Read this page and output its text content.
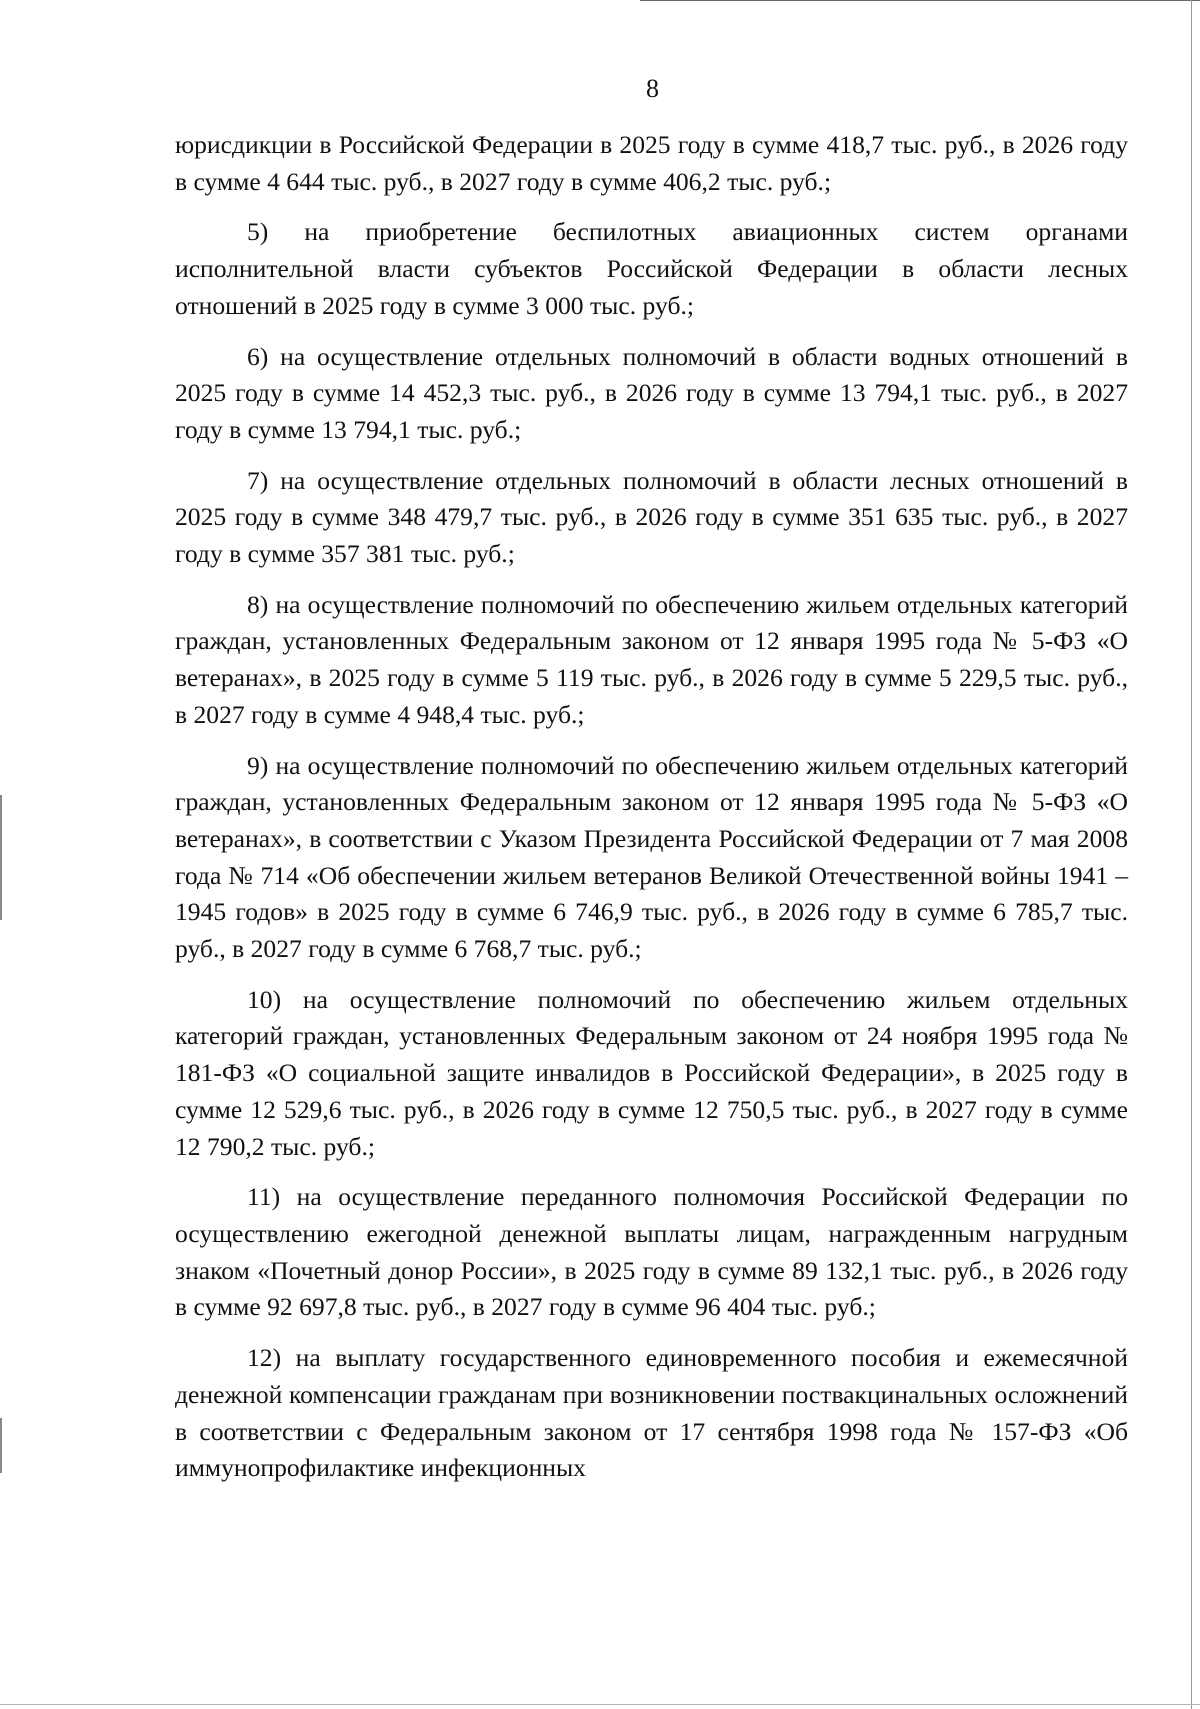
8

юрисдикции в Российской Федерации в 2025 году в сумме 418,7 тыс. руб., в 2026 году в сумме 4 644 тыс. руб., в 2027 году в сумме 406,2 тыс. руб.;

5) на приобретение беспилотных авиационных систем органами исполнительной власти субъектов Российской Федерации в области лесных отношений в 2025 году в сумме 3 000 тыс. руб.;

6) на осуществление отдельных полномочий в области водных отношений в 2025 году в сумме 14 452,3 тыс. руб., в 2026 году в сумме 13 794,1 тыс. руб., в 2027 году в сумме 13 794,1 тыс. руб.;

7) на осуществление отдельных полномочий в области лесных отношений в 2025 году в сумме 348 479,7 тыс. руб., в 2026 году в сумме 351 635 тыс. руб., в 2027 году в сумме 357 381 тыс. руб.;

8) на осуществление полномочий по обеспечению жильем отдельных категорий граждан, установленных Федеральным законом от 12 января 1995 года № 5-ФЗ «О ветеранах», в 2025 году в сумме 5 119 тыс. руб., в 2026 году в сумме 5 229,5 тыс. руб., в 2027 году в сумме 4 948,4 тыс. руб.;

9) на осуществление полномочий по обеспечению жильем отдельных категорий граждан, установленных Федеральным законом от 12 января 1995 года № 5-ФЗ «О ветеранах», в соответствии с Указом Президента Российской Федерации от 7 мая 2008 года № 714 «Об обеспечении жильем ветеранов Великой Отечественной войны 1941 – 1945 годов» в 2025 году в сумме 6 746,9 тыс. руб., в 2026 году в сумме 6 785,7 тыс. руб., в 2027 году в сумме 6 768,7 тыс. руб.;

10) на осуществление полномочий по обеспечению жильем отдельных категорий граждан, установленных Федеральным законом от 24 ноября 1995 года № 181-ФЗ «О социальной защите инвалидов в Российской Федерации», в 2025 году в сумме 12 529,6 тыс. руб., в 2026 году в сумме 12 750,5 тыс. руб., в 2027 году в сумме 12 790,2 тыс. руб.;

11) на осуществление переданного полномочия Российской Федерации по осуществлению ежегодной денежной выплаты лицам, награжденным нагрудным знаком «Почетный донор России», в 2025 году в сумме 89 132,1 тыс. руб., в 2026 году в сумме 92 697,8 тыс. руб., в 2027 году в сумме 96 404 тыс. руб.;

12) на выплату государственного единовременного пособия и ежемесячной денежной компенсации гражданам при возникновении поствакцинальных осложнений в соответствии с Федеральным законом от 17 сентября 1998 года № 157-ФЗ «Об иммунопрофилактике инфекционных
